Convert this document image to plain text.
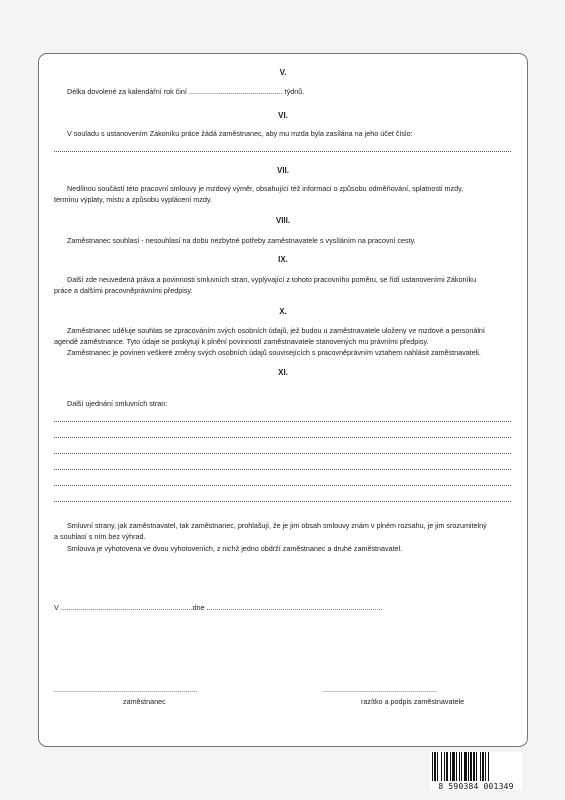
V.
Délka dovolené za kalendářní rok činí ............................................... týdnů.
VI.
V souladu s ustanovením Zákoníku práce žádá zaměstnanec, aby mu mzda byla zasílána na jeho účet číslo:
VII.
Nedílnou součástí této pracovní smlouvy je mzdový výměr, obsahující též informaci o způsobu odměňování, splatnosti mzdy,
termínu výplaty, místu a způsobu vyplácení mzdy.
VIII.
Zaměstnanec souhlasí - nesouhlasí na dobu nezbytné potřeby zaměstnavatele s vysíláním na pracovní cesty.
IX.
Další zde neuvedená práva a povinnosti smluvních stran, vyplývající z tohoto pracovního poměru, se řídí ustanoveními Zákoníku
práce a dalšími pracovněprávními předpisy.
X.
Zaměstnanec uděluje souhlas se zpracováním svých osobních údajů, jež budou u zaměstnavatele uloženy ve mzdové a personální
agendě zaměstnance. Tyto údaje se poskytují k plnění povinností zaměstnavatele stanovených mu právními předpisy.
Zaměstnanec je povinen veškeré změny svých osobních údajů souvisejících s pracovněprávním vztahem nahlásit zaměstnavateli.
XI.
Další ujednání smluvních stran:
Smluvní strany, jak zaměstnavatel, tak zaměstnanec, prohlašují, že je jim obsah smlouvy znám v plném rozsahu, je jim srozumitelný
a souhlasí s ním bez výhrad.
Smlouva je vyhotovena ve dvou vyhotoveních, z nichž jedno obdrží zaměstnanec a druhé zaměstnavatel.
V ..................................................................dne ........................................................................................
........................................................................
zaměstnanec
.........................................................
razítko a podpis zaměstnavatele
8 590384 001349
